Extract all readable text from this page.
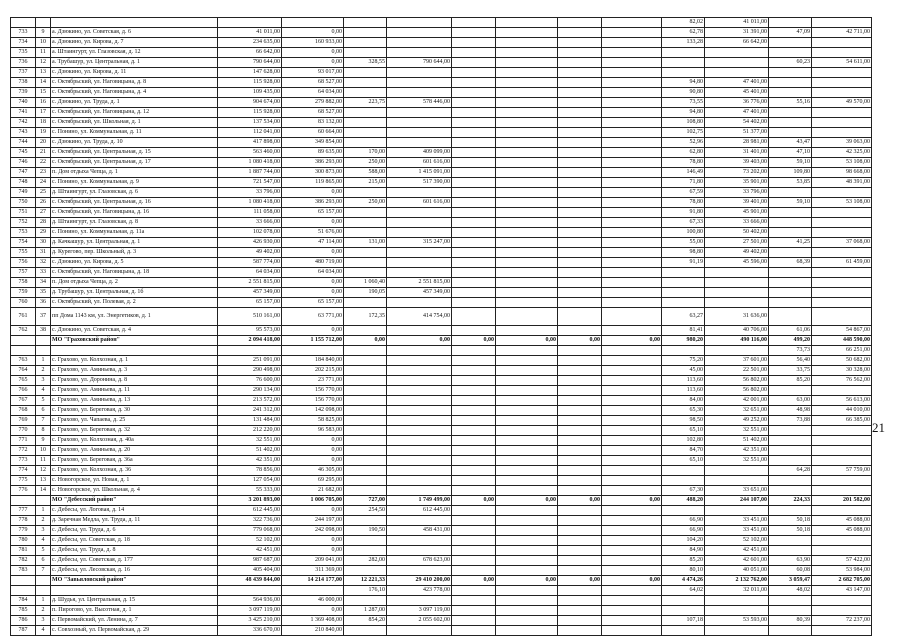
											82,02	41 011,00		
733	9	а. Дзюкино, ул. Советская, д. 6	41 011,00	0,00							62,78	31 391,00	47,09	42 711,00
734	10	а. Дзюкино, ул. Кирова, д. 7	234 635,00	160 933,00							133,28	66 642,00		
735	11	а. Штаингурт, ул. Глазовская, д. 12	66 642,00	0,00										
736	12	а. Трубашур, ул. Центральная, д. 1	790 644,00	0,00	328,55	790 644,00							60,23	54 611,00
737	13	с. Дзюкино, ул. Кирова, д. 11	147 628,00	93 017,00										
738	14	с. Октябрьский, ул. Наговицына, д. 8	115 928,00	68 527,00							94,80	47 401,00		
739	15	с. Октябрьский, ул. Наговицына, д. 4	109 435,00	64 034,00							90,80	45 401,00		
740	16	с. Дзюкино, ул. Труда, д. 1	904 674,00	279 882,00	223,75	578 446,00					73,55	36 776,00	55,16	49 570,00
741	17	с. Октябрьский, ул. Наговицына, д. 12	115 928,00	68 527,00							94,80	47 401,00		
742	18	с. Октябрьский, ул. Школьная, д. 1	137 534,00	83 132,00							108,80	54 402,00		
743	19	с. Понино, ул. Коммунальная, д. 11	112 041,00	60 664,00							102,75	51 377,00		
744	20	с. Дзюкино, ул. Труда, д. 10	417 898,00	349 854,00							52,96	28 981,00	43,47	39 063,00
745	21	с. Октябрьский, ул. Центральная, д. 15	563 460,00	89 635,00	170,00	409 099,00					62,80	31 401,00	47,10	42 325,00
746	22	с. Октябрьский, ул. Центральная, д. 17	1 080 418,00	386 293,00	250,00	601 616,00					78,80	39 403,00	59,10	53 108,00
747	23	п. Дом отдыха Чепца, д. 1	1 887 744,00	300 873,00	588,00	1 415 091,00					146,49	73 202,00	109,80	98 668,00
748	24	с. Понино, ул. Коммунальная, д. 9	721 547,00	119 865,00	215,00	517 390,00					71,80	35 901,00	53,85	48 391,00
749	25	д. Штаингурт, ул. Глазовская, д. 6	33 796,00	0,00							67,59	33 796,00		
750	26	с. Октябрьский, ул. Центральная, д. 16	1 080 418,00	386 293,00	250,00	601 616,00					78,80	39 401,00	59,10	53 108,00
751	27	с. Октябрьский, ул. Наговицына, д. 16	111 058,00	65 157,00							91,80	45 901,00		
752	28	д. Штаингурт, ул. Глазовская, д. 8	33 666,00	0,00							67,33	33 666,00		
753	29	с. Понино, ул. Коммунальная, д. 11а	102 078,00	51 676,00							100,80	50 402,00		
754	30	д. Качкашур, ул. Центральная, д. 1	426 930,00	47 114,00	131,00	315 247,00					55,00	27 501,00	41,25	37 068,00
755	31	д. Куреговo, пер. Школьный, д. 3	49 402,00	0,00							98,80	49 402,00		
756	32	с. Дзюкино, ул. Кирова, д. 5	587 774,00	480 719,00							91,19	45 596,00	68,39	61 459,00
757	33	с. Октябрьский, ул. Наговицына, д. 18	64 034,00	64 034,00										
758	34	п. Дом отдыха Чепца, д. 2	2 551 815,00	0,00	1 060,40	2 551 815,00								
759	35	д. Трубашур, ул. Центральная, д. 1б	457 349,00	0,00	190,05	457 349,00								
760	36	с. Октябрьский, ул. Полевая, д. 2	65 157,00	65 157,00										
761	37	пп Дома 1143 км, ул. Энергетиков, д. 1	510 161,00	63 771,00	172,35	414 754,00					63,27	31 636,00		
762	38	с. Дзюкино, ул. Советская, д. 4	95 573,00	0,00							81,41	40 706,00	61,06	54 867,00
		МО "Граховский район"	2 094 418,00	1 155 712,00	0,00	0,00	0,00	0,00	0,00	0,00	980,20	490 116,00	499,20	448 590,00
													73,73	66 251,00
763	1	с. Грахово, ул. Колхозная, д. 1	251 091,00	184 840,00							75,20	37 601,00	56,40	50 682,00
764	2	с. Грахово, ул. Аминьева, д. 3	290 498,00	202 215,00							45,00	22 501,00	33,75	30 328,00
765	3	с. Грахово, ул. Доронина, д. 8	76 600,00	23 771,00							113,60	56 802,00	85,20	76 562,00
766	4	с. Грахово, ул. Аминьева, д. 11	290 134,00	156 770,00							113,60	56 802,00		
767	5	с. Грахово, ул. Аминьева, д. 13	213 572,00	156 770,00							84,00	42 001,00	63,00	56 613,00
768	6	с. Грахово, ул. Береговая, д. 30	241 312,00	142 098,00							65,30	32 651,00	48,98	44 010,00
769	7	с. Грахово, ул. Чапаева, д. 25	131 484,00	58 825,00							98,50	49 252,00	73,88	66 385,00
770	8	с. Грахово, ул. Береговая, д. 32	212 220,00	96 583,00							65,10	32 551,00		
771	9	с. Грахово, ул. Колхозная, д. 40а	32 551,00	0,00							102,80	51 402,00		
772	10	с. Грахово, ул. Аминьева, д. 20	51 402,00	0,00							84,70	42 351,00		
773	11	с. Грахово, ул. Береговая, д. 36а	42 351,00	0,00							65,10	32 551,00		
774	12	с. Грахово, ул. Колхозная, д. 36	78 856,00	46 305,00									64,28	57 759,00
775	13	с. Новогорское, ул. Новая, д. 1	127 054,00	69 295,00										
776	14	с. Новогорское, ул. Школьная, д. 4	55 333,00	21 682,00							67,30	33 651,00		
		МО "Дебесский район"	3 201 893,00	1 006 705,00	727,00	1 749 499,00	0,00	0,00	0,00	0,00	488,20	244 107,00	224,33	201 582,00
777	1	с. Дебесы, ул. Логовая, д. 14	612 445,00	0,00	254,50	612 445,00								
778	2	д. Заречная Медла, ул. Труда, д. 11	322 736,00	244 197,00							66,90	33 451,00	50,18	45 088,00
779	3	с. Дебесы, ул. Труда, д. 6	779 068,00	242 098,00	190,50	458 431,00					66,90	33 451,00	50,18	45 088,00
780	4	с. Дебесы, ул. Советская, д. 18	52 102,00	0,00							104,20	52 102,00		
781	5	с. Дебесы, ул. Труда, д. 8	42 451,00	0,00							84,90	42 451,00		
782	6	с. Дебесы, ул. Советская, д. 177	987 687,00	209 041,00	282,00	678 623,00					85,20	42 601,00	63,90	57 422,00
783	7	с. Дебесы, ул. Лесовская, д. 16	405 404,00	311 369,00							80,10	40 051,00	60,08	53 984,00
		МО "Завьяловский район"	48 439 844,00	14 214 177,00	12 221,33	29 410 200,00	0,00	0,00	0,00	0,00	4 474,26	2 132 762,00	3 059,47	2 682 705,00
					176,10	423 778,00					64,02	32 011,00	48,02	43 147,00
784	1	д. Шудья, ул. Центральная, д. 15	564 936,00	46 000,00										
785	2	п. Пирогово, ул. Высотная, д. 1	3 097 119,00	0,00	1 287,00	3 097 119,00								
786	3	с. Первомайский, ул. Ленина, д. 7	3 425 210,00	1 369 408,00	854,20	2 055 602,00					107,18	53 593,00	80,39	72 237,00
787	4	с. Совхозный, ул. Первомайская, д. 29	336 670,00	210 840,00										
21
